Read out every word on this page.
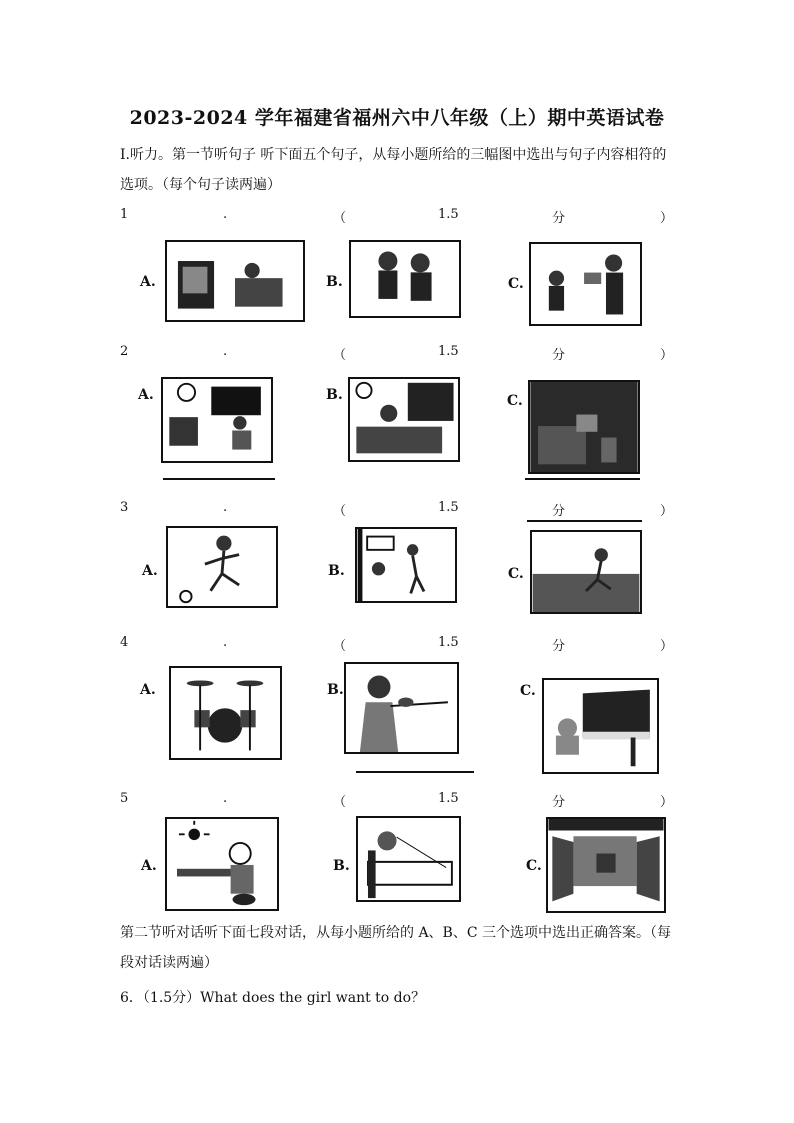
2023-2024 学年福建省福州六中八年级（上）期中英语试卷
I.听力。第一节听句子 听下面五个句子，从每小题所给的三幅图中选出与句子内容相符的选项。（每个句子读两遍）
1	.	（	1.5	分	）
A.	B.	C.
2	.	（	1.5	分	）
A.	B.	C.
3	.	（	1.5	分	）
A.	B.	C.
4	.	（	1.5	分	）
A.	B.	C.
5	.	（	1.5	分	）
A.	B.	C.
第二节听对话听下面七段对话，从每小题所给的 A、B、C 三个选项中选出正确答案。（每段对话读两遍）
6．（1.5分）What does the girl want to do？
